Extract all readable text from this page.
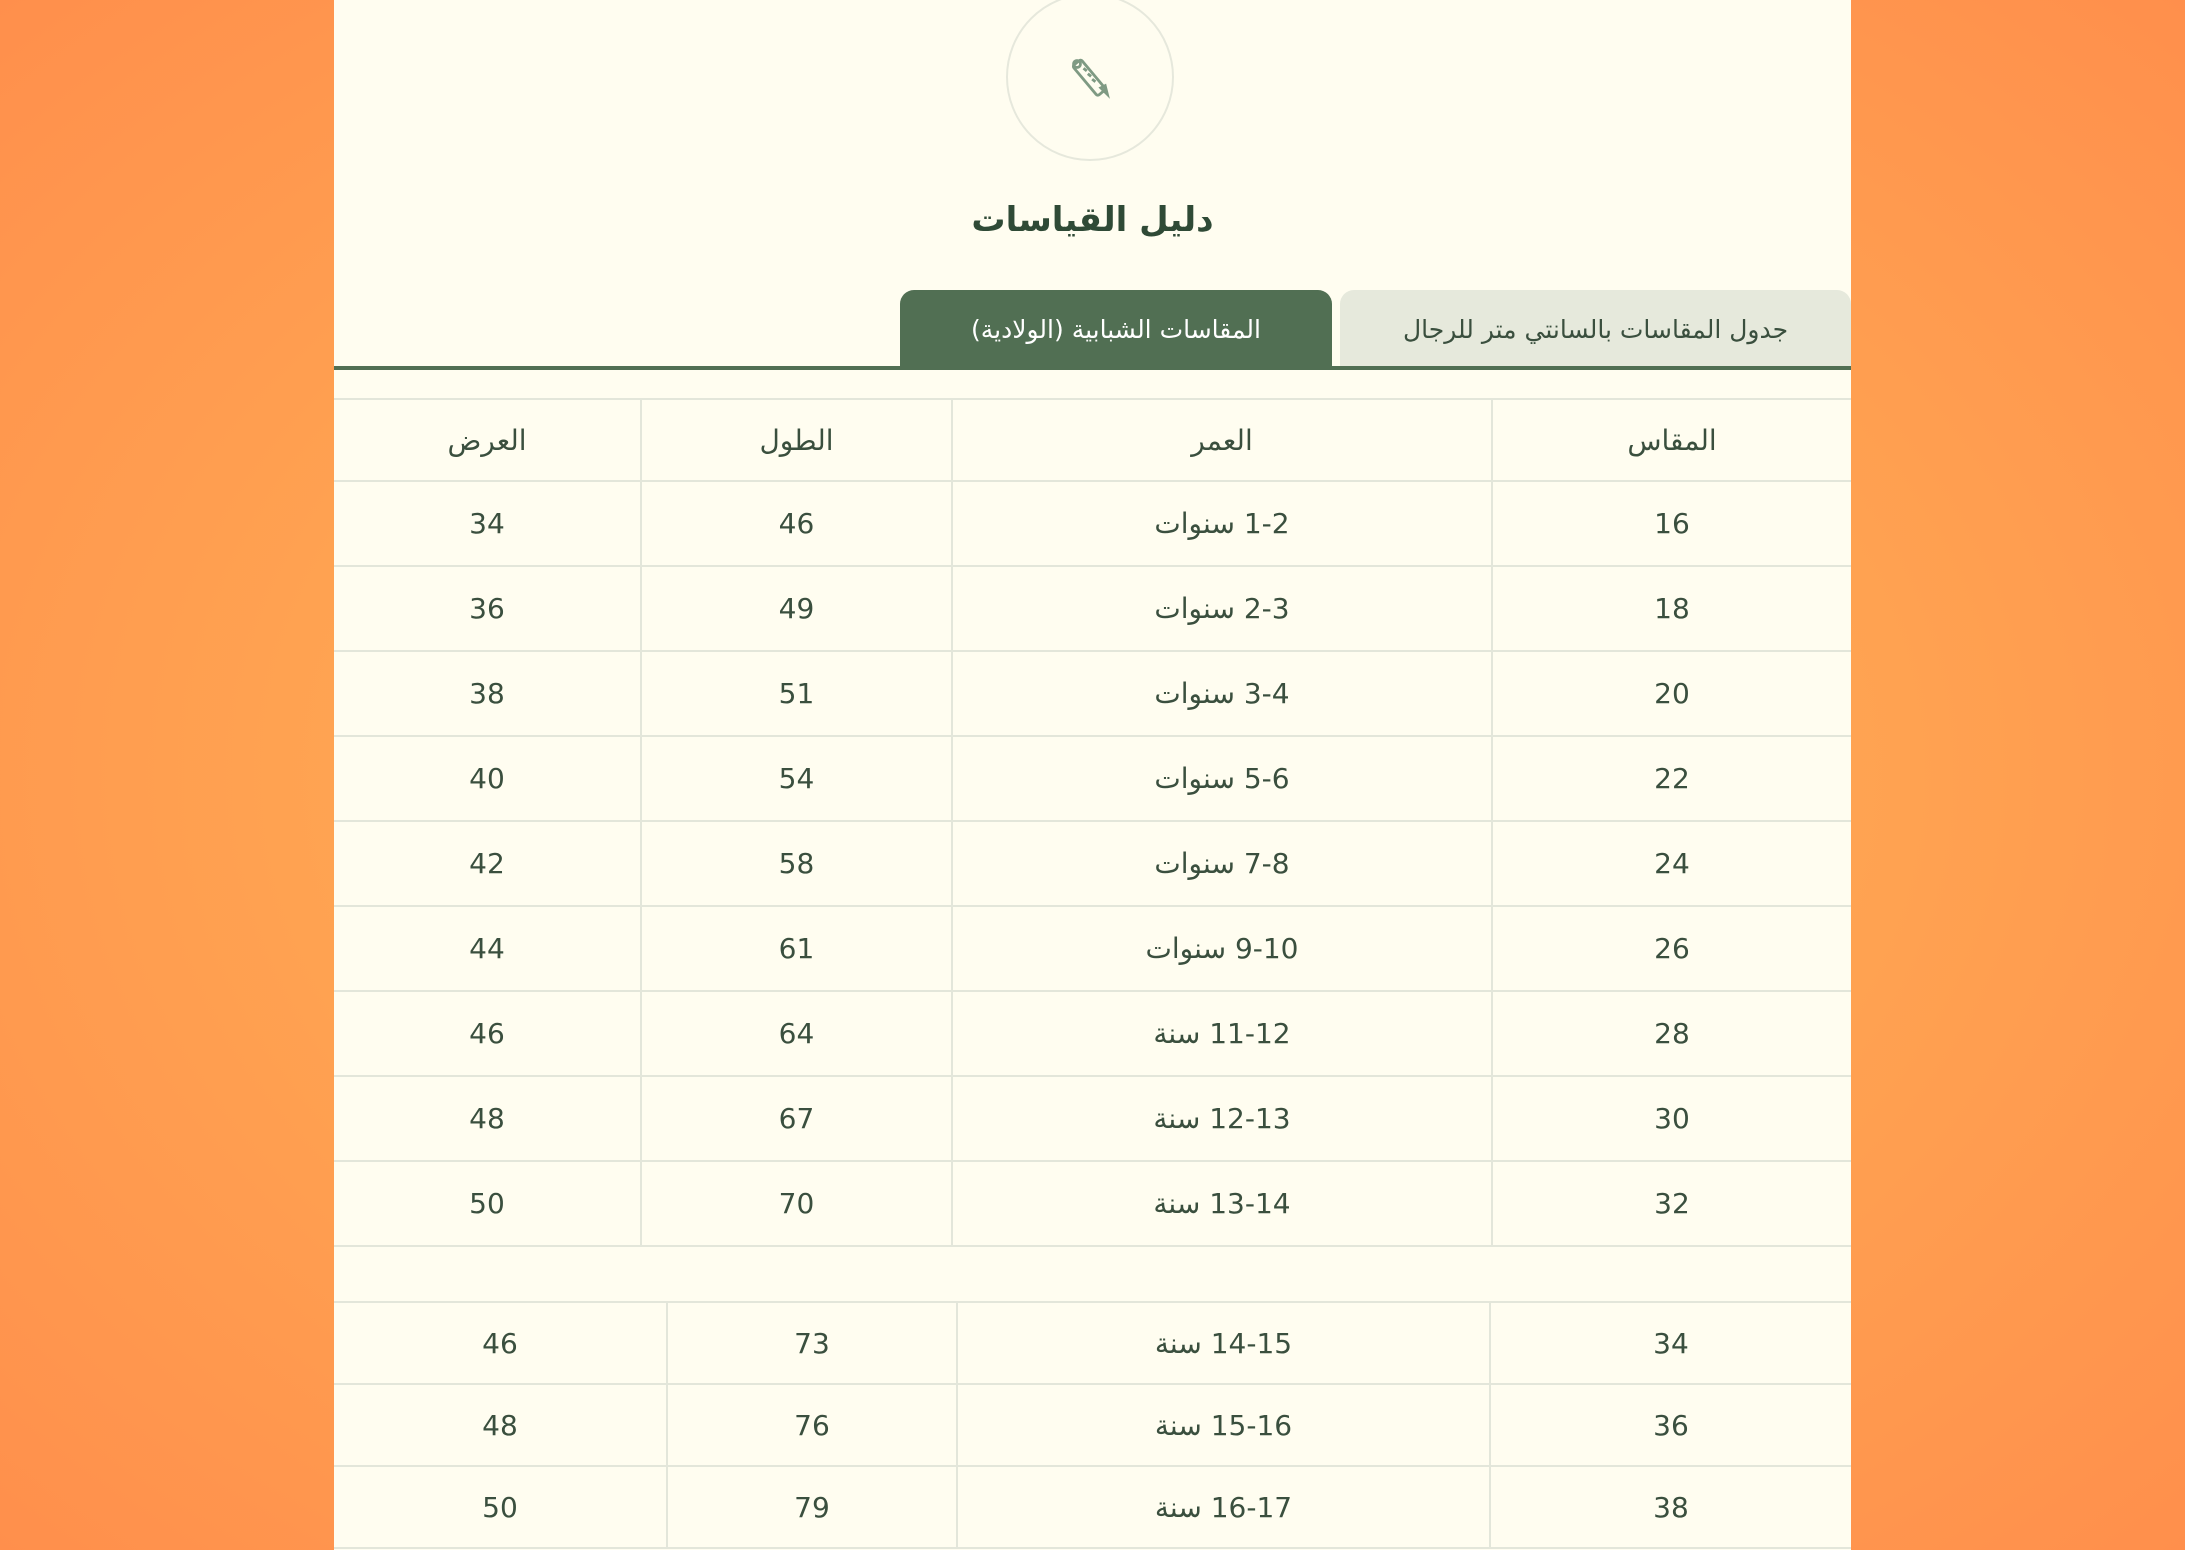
دليل القياسات
المقاسات الشبابية (الولادية)	جدول المقاسات بالسانتي متر للرجال
المقاس	العمر	الطول	العرض
16	1-2 سنوات	46	34
18	2-3 سنوات	49	36
20	3-4 سنوات	51	38
22	5-6 سنوات	54	40
24	7-8 سنوات	58	42
26	9-10 سنوات	61	44
28	11-12 سنة	64	46
30	12-13 سنة	67	48
32	13-14 سنة	70	50
34	14-15 سنة	73	46
36	15-16 سنة	76	48
38	16-17 سنة	79	50
